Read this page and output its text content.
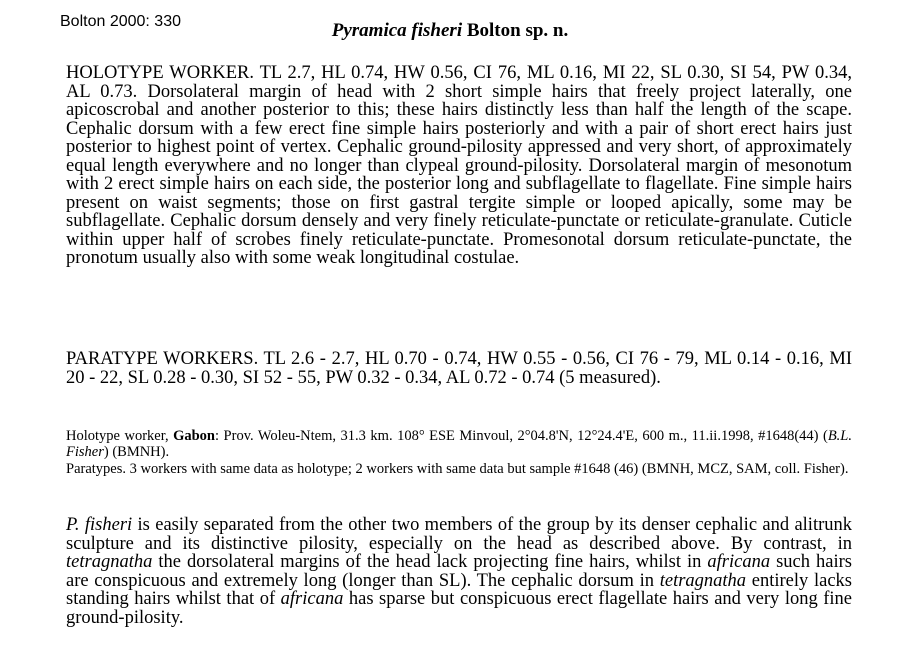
Bolton 2000: 330	Pyramica fisheri Bolton sp. n.

HOLOTYPE WORKER. TL 2.7, HL 0.74, HW 0.56, CI 76, ML 0.16, MI 22, SL 0.30, SI 54, PW 0.34, AL 0.73. Dorsolateral margin of head with 2 short simple hairs that freely project laterally, one apicoscrobal and another posterior to this; these hairs distinctly less than half the length of the scape. Cephalic dorsum with a few erect fine simple hairs posteriorly and with a pair of short erect hairs just posterior to highest point of vertex. Cephalic ground-pilosity appressed and very short, of approximately equal length everywhere and no longer than clypeal ground-pilosity. Dorsolateral margin of mesonotum with 2 erect simple hairs on each side, the posterior long and subflagellate to flagellate. Fine simple hairs present on waist segments; those on first gastral tergite simple or looped apically, some may be subflagellate. Cephalic dorsum densely and very finely reticulate-punctate or reticulate-granulate. Cuticle within upper half of scrobes finely reticulate-punctate. Promesonotal dorsum reticulate-punctate, the pronotum usually also with some weak longitudinal costulae.

PARATYPE WORKERS. TL 2.6 - 2.7, HL 0.70 - 0.74, HW 0.55 - 0.56, CI 76 - 79, ML 0.14 - 0.16, MI 20 - 22, SL 0.28 - 0.30, SI 52 - 55, PW 0.32 - 0.34, AL 0.72 - 0.74 (5 measured).

Holotype worker, Gabon: Prov. Woleu-Ntem, 31.3 km. 108° ESE Minvoul, 2°04.8'N, 12°24.4'E, 600 m., 11.ii.1998, #1648(44) (B.L. Fisher) (BMNH).

Paratypes. 3 workers with same data as holotype; 2 workers with same data but sample #1648 (46) (BMNH, MCZ, SAM, coll. Fisher).

P. fisheri is easily separated from the other two members of the group by its denser cephalic and alitrunk sculpture and its distinctive pilosity, especially on the head as described above. By contrast, in tetragnatha the dorsolateral margins of the head lack projecting fine hairs, whilst in africana such hairs are conspicuous and extremely long (longer than SL). The cephalic dorsum in tetragnatha entirely lacks standing hairs whilst that of africana has sparse but conspicuous erect flagellate hairs and very long fine ground-pilosity.
